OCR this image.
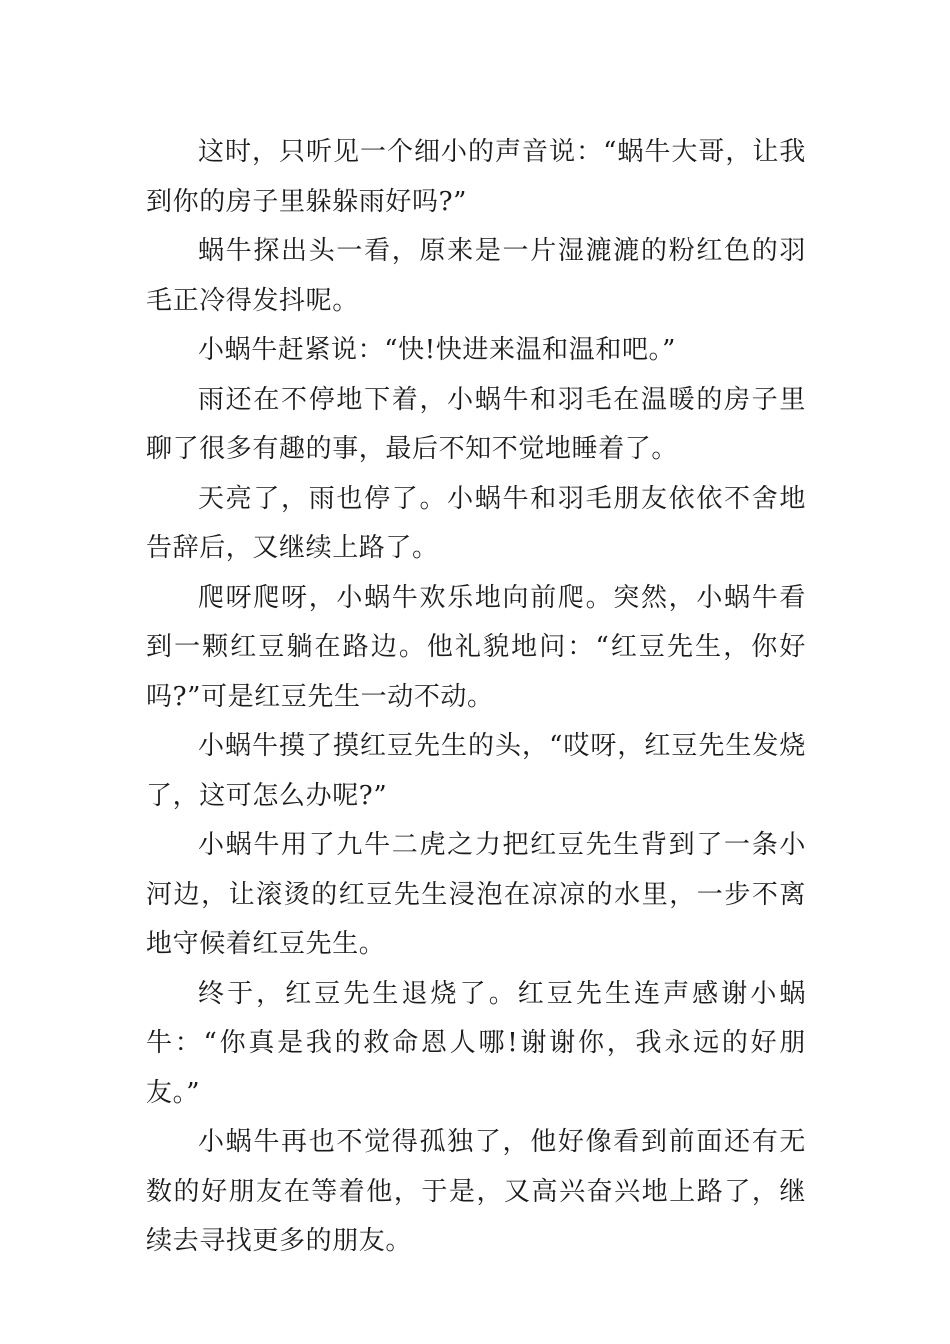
这时，只听见一个细小的声音说：“蜗牛大哥，让我到你的房子里躲躲雨好吗?”

蜗牛探出头一看，原来是一片湿漉漉的粉红色的羽毛正冷得发抖呢。

小蜗牛赶紧说：“快!快进来温和温和吧。”

雨还在不停地下着，小蜗牛和羽毛在温暖的房子里聊了很多有趣的事，最后不知不觉地睡着了。

天亮了，雨也停了。小蜗牛和羽毛朋友依依不舍地告辞后，又继续上路了。

爬呀爬呀，小蜗牛欢乐地向前爬。突然，小蜗牛看到一颗红豆躺在路边。他礼貌地问：“红豆先生，你好吗?”可是红豆先生一动不动。

小蜗牛摸了摸红豆先生的头，“哎呀，红豆先生发烧了，这可怎么办呢?”

小蜗牛用了九牛二虎之力把红豆先生背到了一条小河边，让滚烫的红豆先生浸泡在凉凉的水里，一步不离地守候着红豆先生。

终于，红豆先生退烧了。红豆先生连声感谢小蜗牛：“你真是我的救命恩人哪!谢谢你，我永远的好朋友。”

小蜗牛再也不觉得孤独了，他好像看到前面还有无数的好朋友在等着他，于是，又高兴奋兴地上路了，继续去寻找更多的朋友。
